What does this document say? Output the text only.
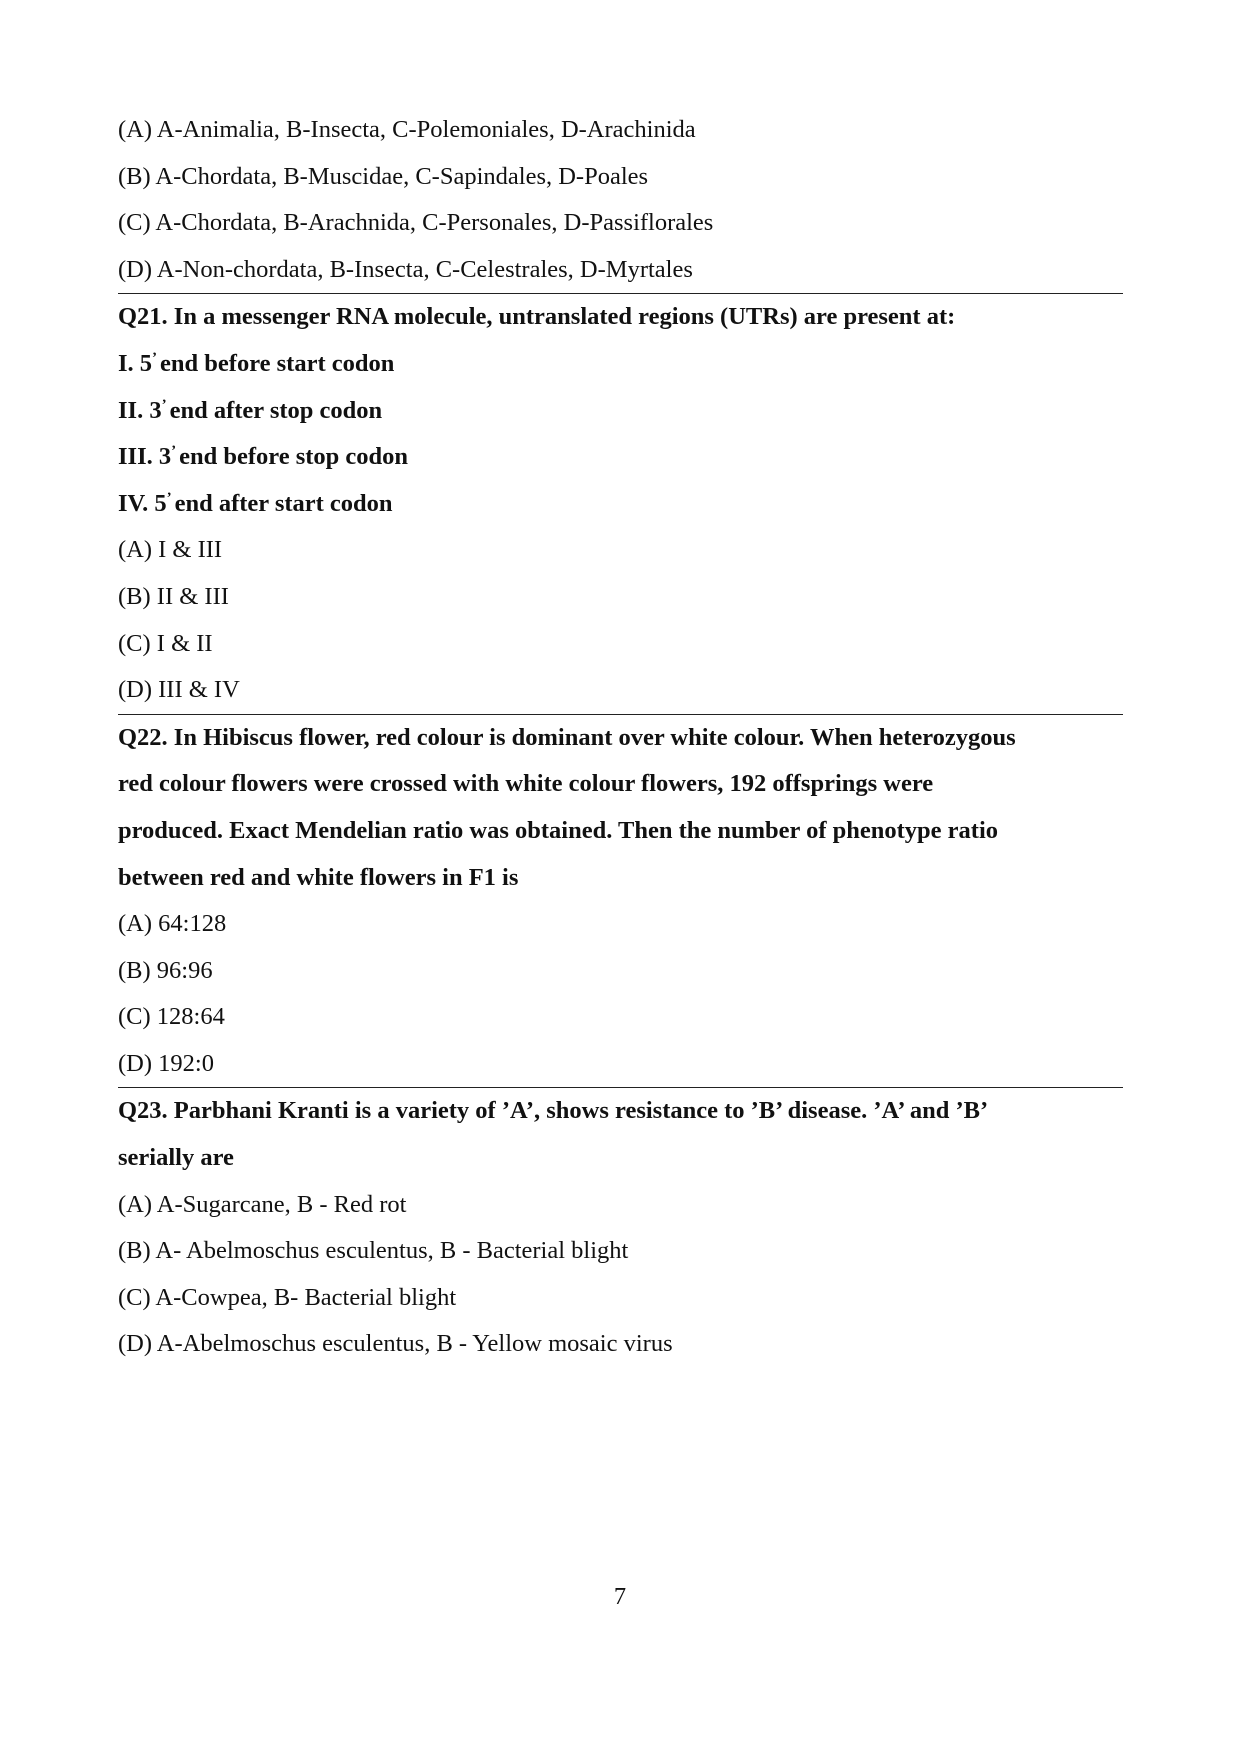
(A) A-Animalia, B-Insecta, C-Polemoniales, D-Arachinida
(B) A-Chordata, B-Muscidae, C-Sapindales, D-Poales
(C) A-Chordata, B-Arachnida, C-Personales, D-Passiflorales
(D) A-Non-chordata, B-Insecta, C-Celestrales, D-Myrtales
Q21. In a messenger RNA molecule, untranslated regions (UTRs) are present at:
I. 5’ end before start codon
II. 3’ end after stop codon
III. 3’ end before stop codon
IV. 5’ end after start codon
(A) I & III
(B) II & III
(C) I & II
(D) III & IV
Q22. In Hibiscus flower, red colour is dominant over white colour. When heterozygous
red colour flowers were crossed with white colour flowers, 192 offsprings were
produced. Exact Mendelian ratio was obtained. Then the number of phenotype ratio
between red and white flowers in F1 is
(A) 64:128
(B) 96:96
(C) 128:64
(D) 192:0
Q23. Parbhani Kranti is a variety of ’A’, shows resistance to ’B’ disease. ’A’ and ’B’
serially are
(A) A-Sugarcane, B - Red rot
(B) A- Abelmoschus esculentus, B - Bacterial blight
(C) A-Cowpea, B- Bacterial blight
(D) A-Abelmoschus esculentus, B - Yellow mosaic virus
7
